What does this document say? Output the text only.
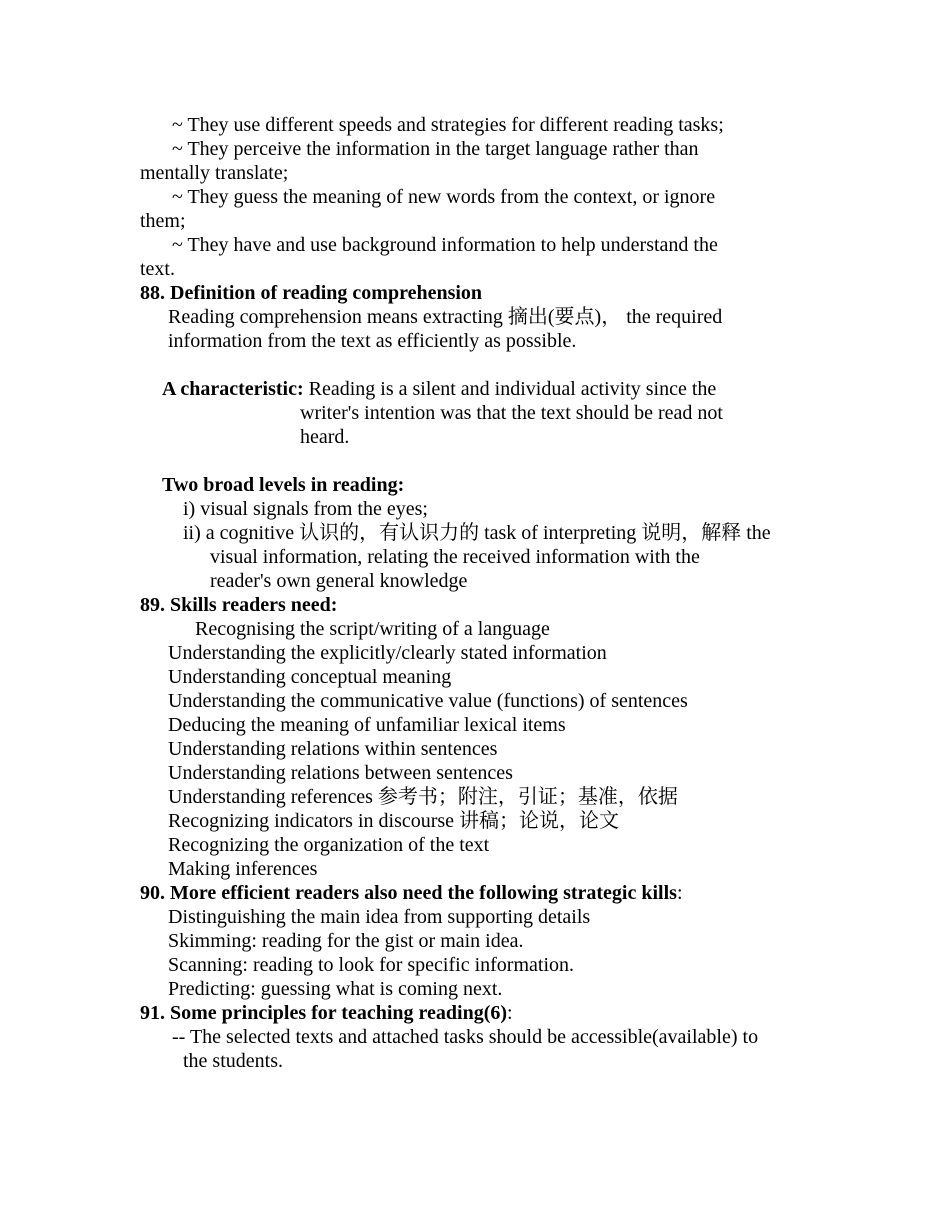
~ They use different speeds and strategies for different reading tasks;
~ They perceive the information in the target language rather than
mentally translate;
~ They guess the meaning of new words from the context, or ignore
them;
~ They have and use background information to help understand the
text.
88. Definition of reading comprehension
Reading comprehension means extracting 摘出(要点)， the required
information from the text as efficiently as possible.
A characteristic: Reading is a silent and individual activity since the
writer's intention was that the text should be read not
heard.
Two broad levels in reading:
i) visual signals from the eyes;
ii) a cognitive 认识的，有认识力的 task of interpreting 说明，解释 the
visual information, relating the received information with the
reader's own general knowledge
89. Skills readers need:
Recognising the script/writing of a language
Understanding the explicitly/clearly stated information
Understanding conceptual meaning
Understanding the communicative value (functions) of sentences
Deducing the meaning of unfamiliar lexical items
Understanding relations within sentences
Understanding relations between sentences
Understanding references 参考书；附注，引证；基准，依据
Recognizing indicators in discourse 讲稿；论说，论文
Recognizing the organization of the text
Making inferences
90. More efficient readers also need the following strategic kills:
Distinguishing the main idea from supporting details
Skimming: reading for the gist or main idea.
Scanning: reading to look for specific information.
Predicting: guessing what is coming next.
91. Some principles for teaching reading(6):
-- The selected texts and attached tasks should be accessible(available) to
the students.
